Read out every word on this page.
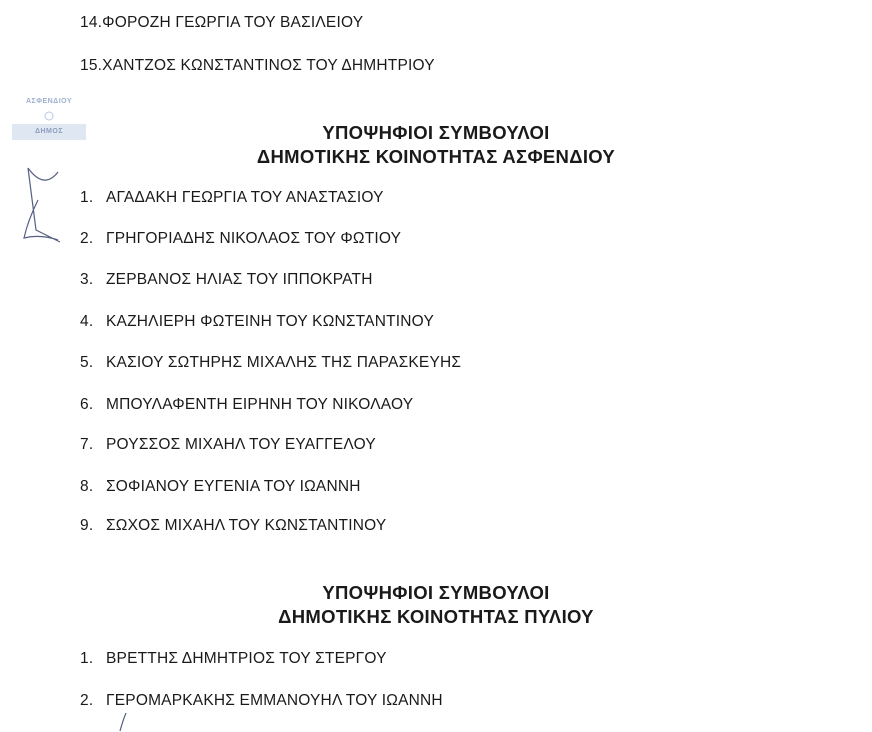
14.ΦΟΡΟΖΗ ΓΕΩΡΓΙΑ ΤΟΥ ΒΑΣΙΛΕΙΟΥ
15.ΧΑΝΤΖΟΣ ΚΩΝΣΤΑΝΤΙΝΟΣ ΤΟΥ ΔΗΜΗΤΡΙΟΥ
ΑΣΦΕΝΔΙΟΥ
ΔΗΜΟΣ	ΥΠΟΨΗΦΙΟΙ ΣΥΜΒΟΥΛΟΙ
ΔΗΜΟΤΙΚΗΣ ΚΟΙΝΟΤΗΤΑΣ ΑΣΦΕΝΔΙΟΥ
1. ΑΓΑΔΑΚΗ ΓΕΩΡΓΙΑ ΤΟΥ ΑΝΑΣΤΑΣΙΟΥ
2. ΓΡΗΓΟΡΙΑΔΗΣ ΝΙΚΟΛΑΟΣ ΤΟΥ ΦΩΤΙΟΥ
3. ΖΕΡΒΑΝΟΣ ΗΛΙΑΣ ΤΟΥ ΙΠΠΟΚΡΑΤΗ
4. ΚΑΖΗΛΙΕΡΗ ΦΩΤΕΙΝΗ ΤΟΥ ΚΩΝΣΤΑΝΤΙΝΟΥ
5. ΚΑΣΙΟΥ ΣΩΤΗΡΗΣ ΜΙΧΑΛΗΣ ΤΗΣ ΠΑΡΑΣΚΕΥΗΣ
6. ΜΠΟΥΛΑΦΕΝΤΗ ΕΙΡΗΝΗ ΤΟΥ ΝΙΚΟΛΑΟΥ
7. ΡΟΥΣΣΟΣ ΜΙΧΑΗΛ ΤΟΥ ΕΥΑΓΓΕΛΟΥ
8. ΣΟΦΙΑΝΟΥ ΕΥΓΕΝΙΑ ΤΟΥ ΙΩΑΝΝΗ
9. ΣΩΧΟΣ ΜΙΧΑΗΛ ΤΟΥ ΚΩΝΣΤΑΝΤΙΝΟΥ
ΥΠΟΨΗΦΙΟΙ ΣΥΜΒΟΥΛΟΙ
ΔΗΜΟΤΙΚΗΣ ΚΟΙΝΟΤΗΤΑΣ ΠΥΛΙΟΥ
1. ΒΡΕΤΤΗΣ ΔΗΜΗΤΡΙΟΣ ΤΟΥ ΣΤΕΡΓΟΥ
2. ΓΕΡΟΜΑΡΚΑΚΗΣ ΕΜΜΑΝΟΥΗΛ ΤΟΥ ΙΩΑΝΝΗ
